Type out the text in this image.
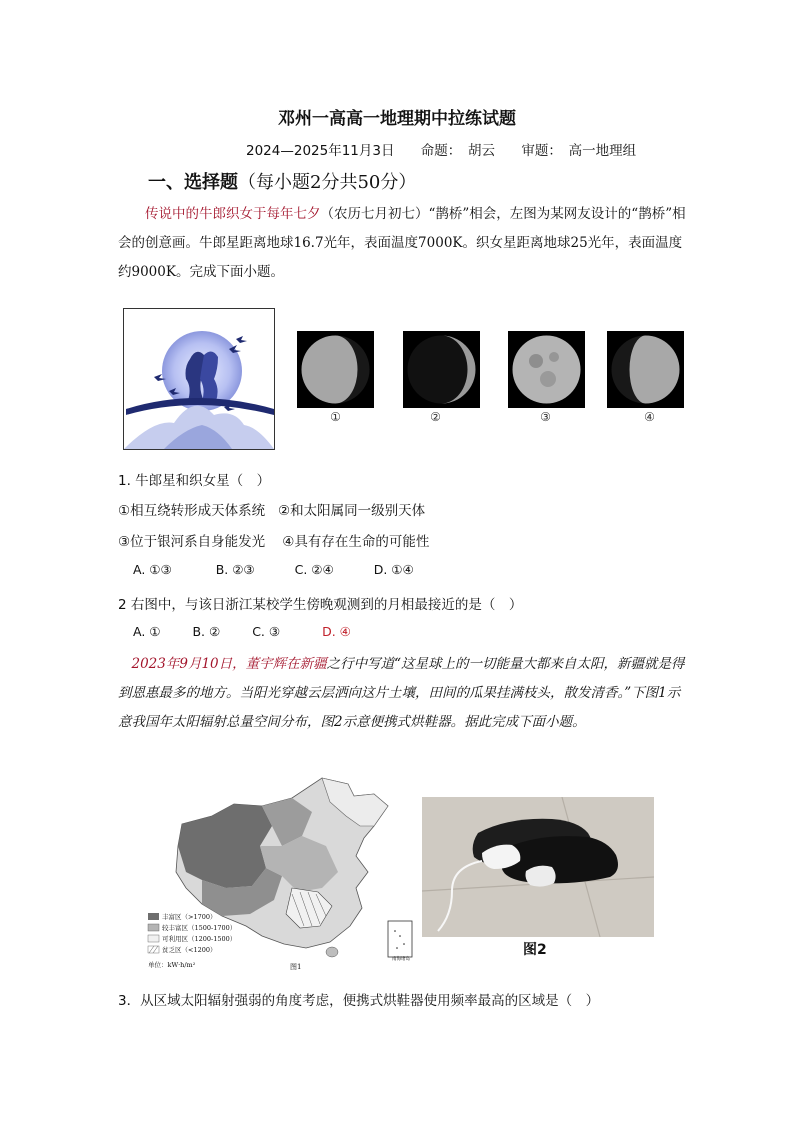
邓州一高高一地理期中拉练试题
2024—2025年11月3日 命题：　胡云 审题：　高一地理组
一、选择题（每小题2分共50分）
传说中的牛郎织女于每年七夕（农历七月初七）“鹊桥”相会，左图为某网友设计的“鹊桥”相会的创意画。牛郎星距离地球16.7光年，表面温度7000K。织女星距离地球25光年，表面温度约9000K。完成下面小题。
①	②	③	④
1. 牛郎星和织女星（　）
①相互绕转形成天体系统 ②和太阳属同一级别天体
③位于银河系自身能发光 ④具有存在生命的可能性
A. ①③	B. ②③	C. ②④	D. ①④
2 右图中，与该日浙江某校学生傍晚观测到的月相最接近的是（　）
A. ①	B. ②	C. ③	D. ④
2023年9月10日，董宇辉在新疆之行中写道“这星球上的一切能量大都来自太阳，新疆就是得到恩惠最多的地方。当阳光穿越云层洒向这片土壤，田间的瓜果挂满枝头，散发清香。”下图1示意我国年太阳辐射总量空间分布，图2示意便携式烘鞋器。据此完成下面小题。
丰富区（>1700）
较丰富区（1500-1700）
可利用区（1200-1500）
贫乏区（<1200）
单位：kW·h/m²	图1
南海诸岛
图2
3．从区域太阳辐射强弱的角度考虑，便携式烘鞋器使用频率最高的区域是（　）
